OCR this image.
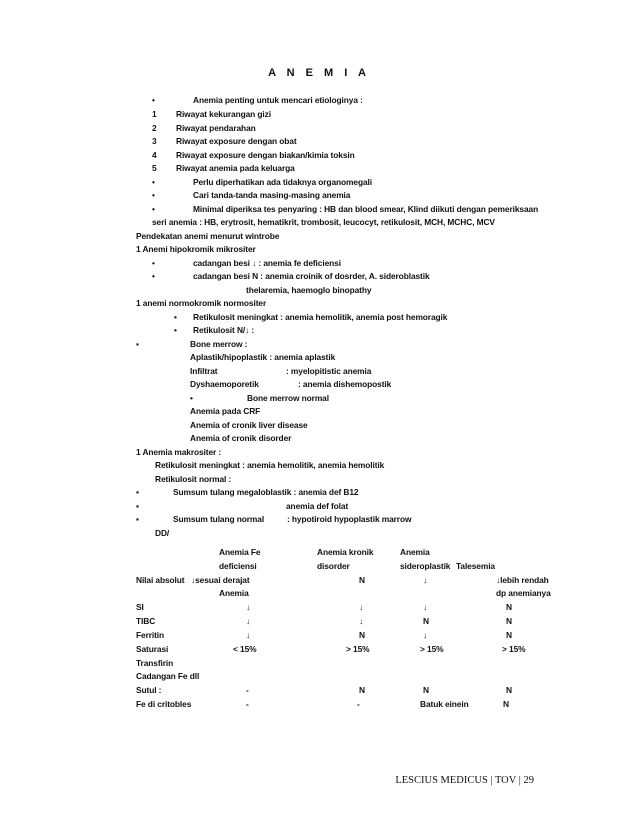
A N E M I A
•	Anemia penting untuk mencari etiologinya :
1 Riwayat kekurangan gizi
2 Riwayat pendarahan
3 Riwayat exposure dengan obat
4 Riwayat exposure dengan biakan/kimia toksin
5 Riwayat anemia pada keluarga
•	Perlu diperhatikan ada tidaknya organomegali
•	Cari tanda-tanda masing-masing anemia
•	Minimal diperiksa tes penyaring : HB dan blood smear, Klind diikuti dengan pemeriksaan
seri anemia : HB, erytrosit, hematikrit, trombosit, leucocyt, retikulosit, MCH, MCHC, MCV
Pendekatan anemi menurut wintrobe
1 Anemi hipokromik mikrositer
•	cadangan besi ↓ : anemia fe deficiensi
•	cadangan besi N : anemia croinik of dosrder, A. sideroblastik
thelaremia, haemoglo binopathy
1 anemi normokromik normositer
• Retikulosit meningkat : anemia hemolitik, anemia post hemoragik
• Retikulosit N/↓ :
▪	Bone merrow :
Aplastik/hipoplastik : anemia aplastik
Infiltrat	: myelopitistic anemia
Dyshaemoporetik	: anemia dishemopostik
•	Bone merrow normal
Anemia pada CRF
Anemia of cronik liver disease
Anemia of cronik disorder
1 Anemia makrositer :
Retikulosit meningkat : anemia hemolitik, anemia hemolitik
Retikulosit normal :
▪	Sumsum tulang megaloblastik : anemia def B12
▪	anemia def folat
▪	Sumsum tulang normal	: hypotiroid hypoplastik marrow
DD/
Anemia Fe	Anemia kronik	Anemia
deficiensi	disorder	sideroplastik Talesemia
Nilai absolut ↓sesuai derajat	N	↓	↓lebih rendah
Anemia	dp anemianya
SI	↓	↓	↓	N
TIBC	↓	↓	N	N
Ferritin	↓	N	↓	N
Saturasi	< 15%	> 15%	> 15%	> 15%
Transfirin
Cadangan Fe dll
Sutul :	-	N	N	N
Fe di critobles	-	-	Batuk einein	N
LESCIUS MEDICUS | TOV | 29
